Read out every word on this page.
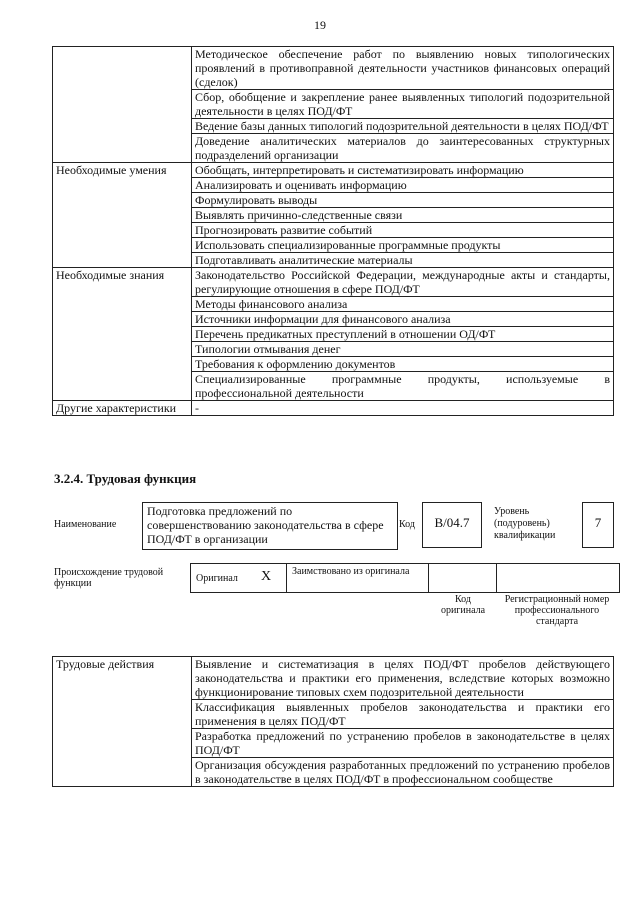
19
	Методическое обеспечение работ по выявлению новых типологических проявлений в противоправной деятельности участников финансовых операций (сделок)
	Сбор, обобщение и закрепление ранее выявленных типологий подозрительной деятельности в целях ПОД/ФТ
	Ведение базы данных типологий подозрительной деятельности в целях ПОД/ФТ
	Доведение аналитических материалов до заинтересованных структурных подразделений организации
Необходимые умения	Обобщать, интерпретировать и систематизировать информацию
	Анализировать и оценивать информацию
	Формулировать выводы
	Выявлять причинно-следственные связи
	Прогнозировать развитие событий
	Использовать специализированные программные продукты
	Подготавливать аналитические материалы
Необходимые знания	Законодательство Российской Федерации, международные акты и стандарты, регулирующие отношения в сфере ПОД/ФТ
	Методы финансового анализа
	Источники информации для финансового анализа
	Перечень предикатных преступлений в отношении ОД/ФТ
	Типологии отмывания денег
	Требования к оформлению документов
	Специализированные программные продукты, используемые в профессиональной деятельности
Другие характеристики	-
3.2.4. Трудовая функция
Наименование
Подготовка предложений по совершенствованию законодательства в сфере ПОД/ФТ в организации
Код	B/04.7
Уровень (подуровень) квалификации
7
Происхождение трудовой функции	Оригинал X Заимствовано из оригинала
Код оригинала
Регистрационный номер профессионального стандарта
Трудовые действия	Выявление и систематизация в целях ПОД/ФТ пробелов действующего законодательства и практики его применения, вследствие которых возможно функционирование типовых схем подозрительной деятельности
Классификация выявленных пробелов законодательства и практики его применения в целях ПОД/ФТ
Разработка предложений по устранению пробелов в законодательстве в целях ПОД/ФТ
Организация обсуждения разработанных предложений по устранению пробелов в законодательстве в целях ПОД/ФТ в профессиональном сообществе
